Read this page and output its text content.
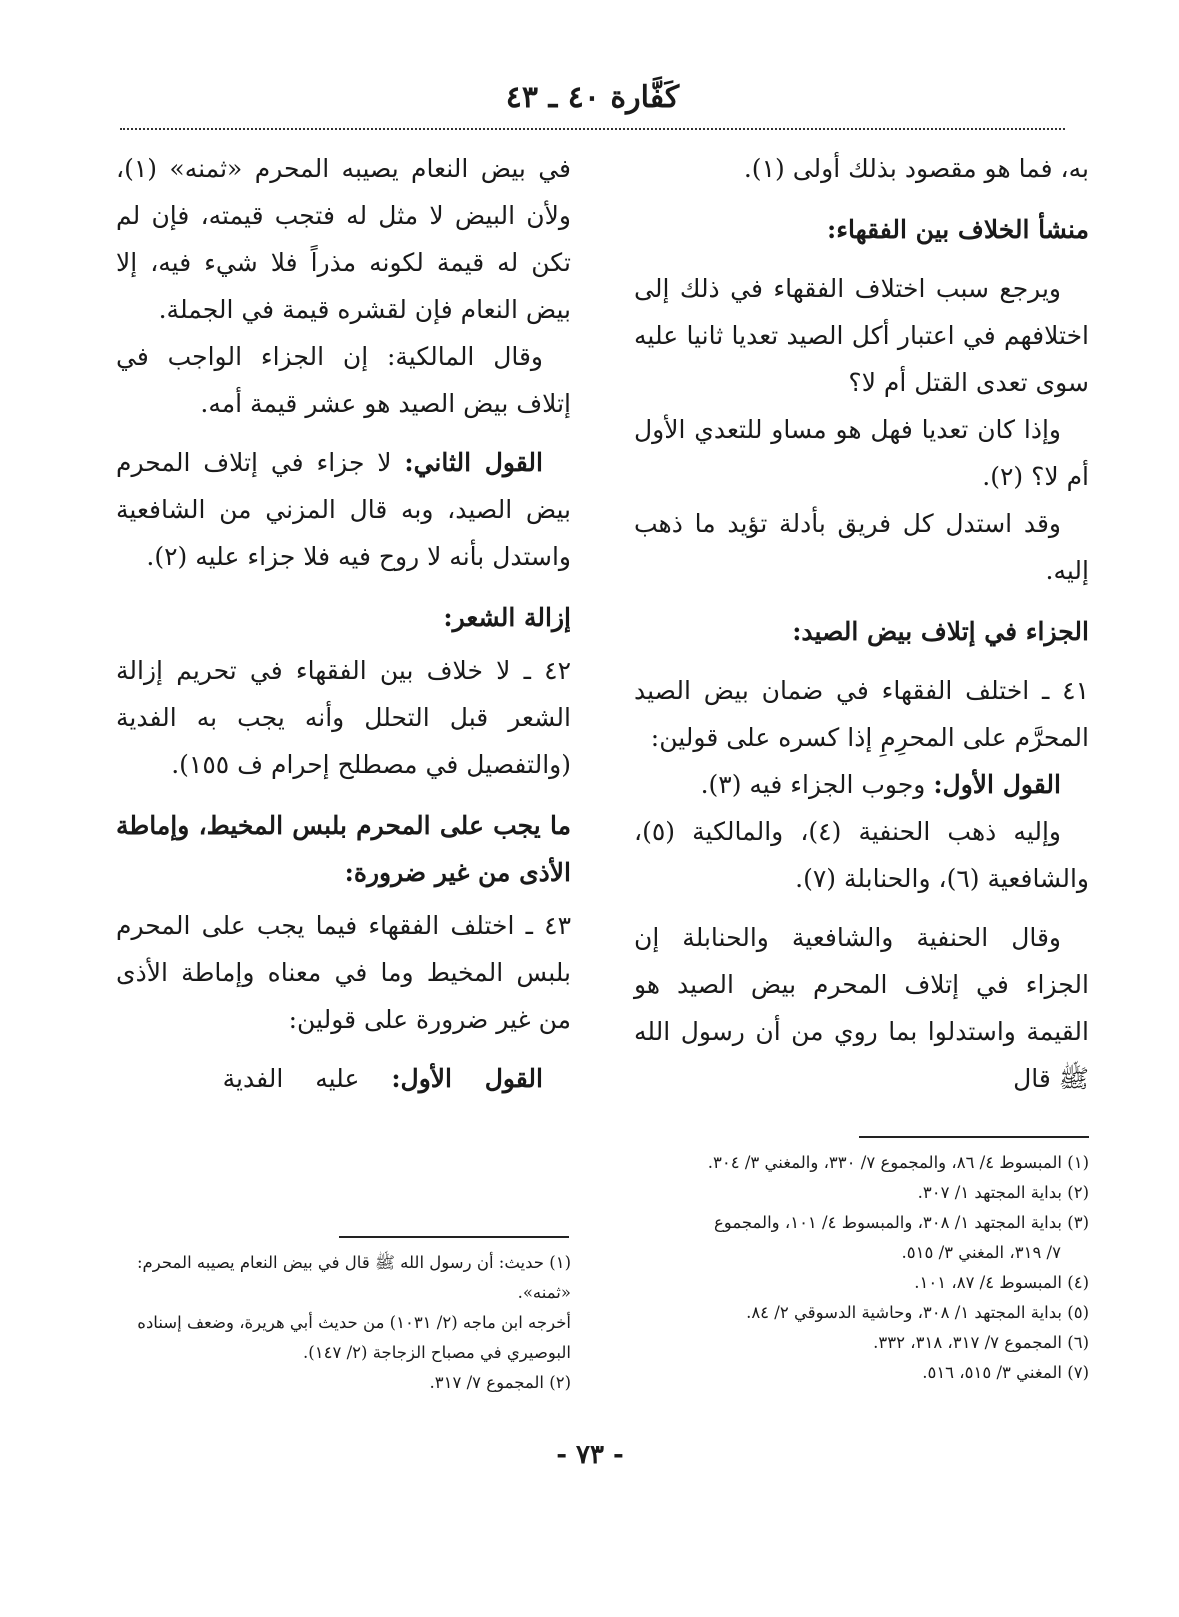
كَفَّارة ٤٠ ـ ٤٣

به، فما هو مقصود بذلك أولى (١).

منشأ الخلاف بين الفقهاء:

ويرجع سبب اختلاف الفقهاء في ذلك إلى اختلافهم في اعتبار أكل الصيد تعديا ثانيا عليه سوى تعدى القتل أم لا؟

وإذا كان تعديا فهل هو مساو للتعدي الأول أم لا؟ (٢).

وقد استدل كل فريق بأدلة تؤيد ما ذهب إليه.

الجزاء في إتلاف بيض الصيد:

٤١ ـ اختلف الفقهاء في ضمان بيض الصيد المحرَّم على المحرِمِ إذا كسره على قولين:

القول الأول: وجوب الجزاء فيه (٣).

وإليه ذهب الحنفية (٤)، والمالكية (٥)، والشافعية (٦)، والحنابلة (٧).

وقال الحنفية والشافعية والحنابلة إن الجزاء في إتلاف المحرم بيض الصيد هو القيمة واستدلوا بما روي من أن رسول الله ﷺ قال

في بيض النعام يصيبه المحرم «ثمنه» (١)، ولأن البيض لا مثل له فتجب قيمته، فإن لم تكن له قيمة لكونه مذراً فلا شيء فيه، إلا بيض النعام فإن لقشره قيمة في الجملة.

وقال المالكية: إن الجزاء الواجب في إتلاف بيض الصيد هو عشر قيمة أمه.

القول الثاني: لا جزاء في إتلاف المحرم بيض الصيد، وبه قال المزني من الشافعية واستدل بأنه لا روح فيه فلا جزاء عليه (٢).

إزالة الشعر:

٤٢ ـ لا خلاف بين الفقهاء في تحريم إزالة الشعر قبل التحلل وأنه يجب به الفدية (والتفصيل في مصطلح إحرام ف ١٥٥).

ما يجب على المحرم بلبس المخيط، وإماطة الأذى من غير ضرورة:

٤٣ ـ اختلف الفقهاء فيما يجب على المحرم بلبس المخيط وما في معناه وإماطة الأذى من غير ضرورة على قولين:

القول الأول: عليه الفدية

(١) المبسوط ٤/ ٨٦، والمجموع ٧/ ٣٣٠، والمغني ٣/ ٣٠٤.

(٢) بداية المجتهد ١/ ٣٠٧.

(٣) بداية المجتهد ١/ ٣٠٨، والمبسوط ٤/ ١٠١، والمجموع

٧/ ٣١٩، المغني ٣/ ٥١٥.

(٤) المبسوط ٤/ ٨٧، ١٠١.

(٥) بداية المجتهد ١/ ٣٠٨، وحاشية الدسوقي ٢/ ٨٤.

(٦) المجموع ٧/ ٣١٧، ٣١٨، ٣٣٢.

(٧) المغني ٣/ ٥١٥، ٥١٦.

(١) حديث: أن رسول الله ﷺ قال في بيض النعام يصيبه المحرم: «ثمنه».

أخرجه ابن ماجه (٢/ ١٠٣١) من حديث أبي هريرة، وضعف إسناده البوصيري في مصباح الزجاجة (٢/ ١٤٧).

(٢) المجموع ٧/ ٣١٧.

- ٧٣ -
